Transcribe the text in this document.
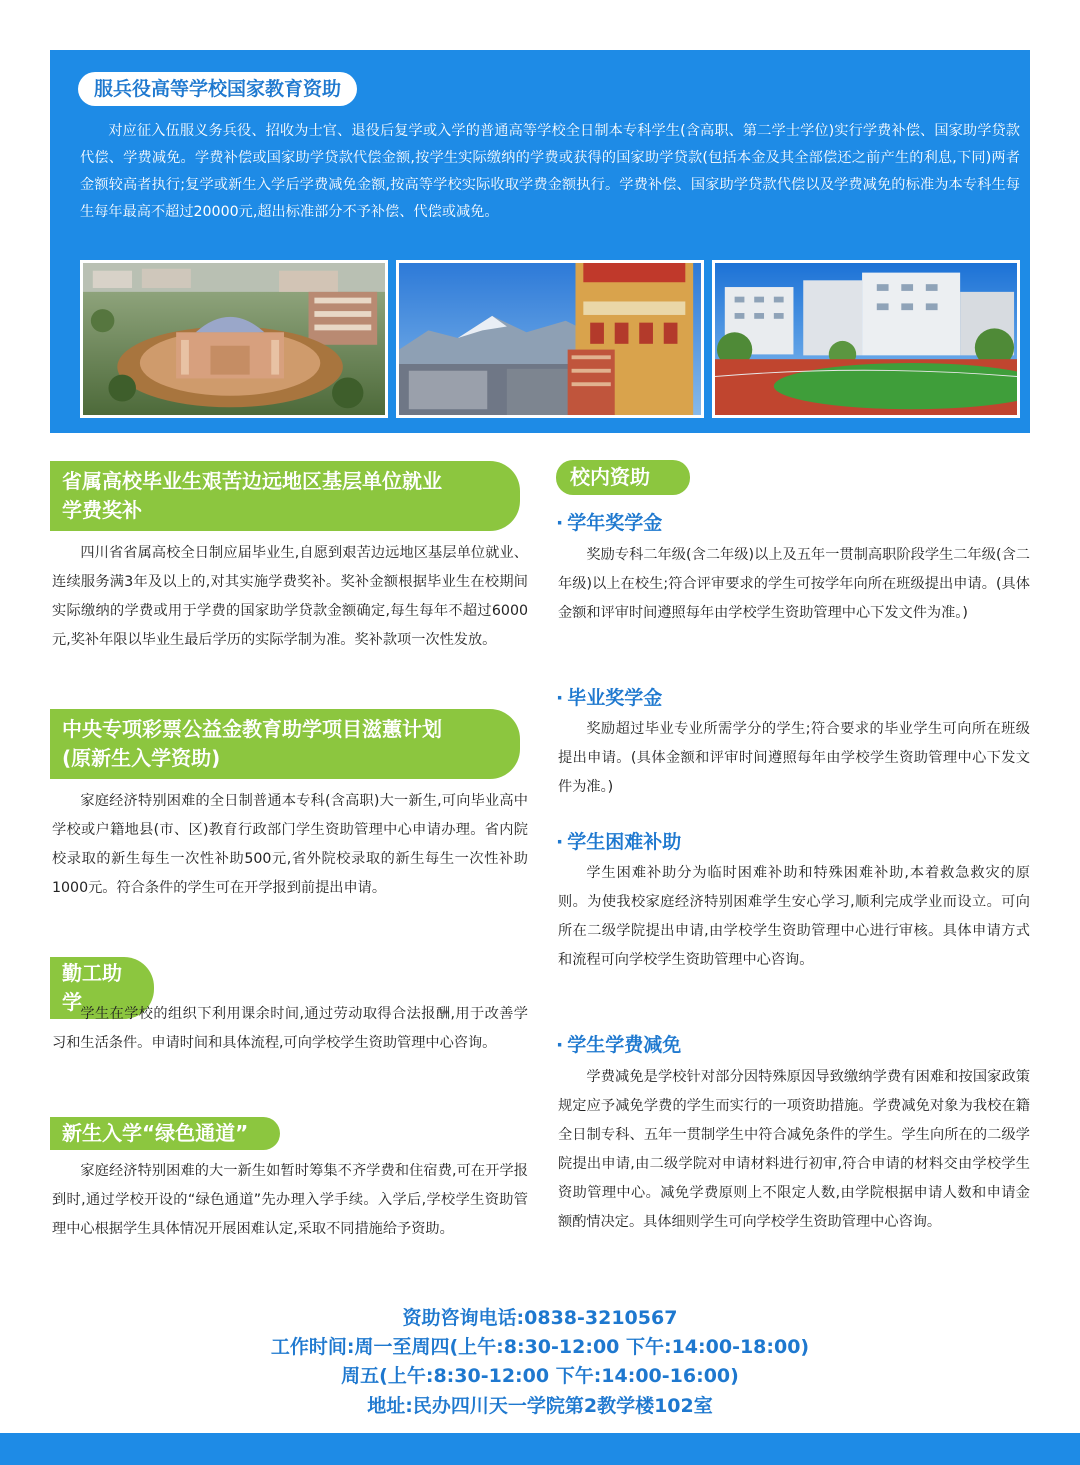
服兵役高等学校国家教育资助

对应征入伍服义务兵役、招收为士官、退役后复学或入学的普通高等学校全日制本专科学生(含高职、第二学士学位)实行学费补偿、国家助学贷款代偿、学费减免。学费补偿或国家助学贷款代偿金额,按学生实际缴纳的学费或获得的国家助学贷款(包括本金及其全部偿还之前产生的利息,下同)两者金额较高者执行;复学或新生入学后学费减免金额,按高等学校实际收取学费金额执行。学费补偿、国家助学贷款代偿以及学费减免的标准为本专科生每生每年最高不超过20000元,超出标准部分不予补偿、代偿或减免。

省属高校毕业生艰苦边远地区基层单位就业
学费奖补

四川省省属高校全日制应届毕业生,自愿到艰苦边远地区基层单位就业、连续服务满3年及以上的,对其实施学费奖补。奖补金额根据毕业生在校期间实际缴纳的学费或用于学费的国家助学贷款金额确定,每生每年不超过6000元,奖补年限以毕业生最后学历的实际学制为准。奖补款项一次性发放。

中央专项彩票公益金教育助学项目滋蕙计划
(原新生入学资助)

家庭经济特别困难的全日制普通本专科(含高职)大一新生,可向毕业高中学校或户籍地县(市、区)教育行政部门学生资助管理中心申请办理。省内院校录取的新生每生一次性补助500元,省外院校录取的新生每生一次性补助1000元。符合条件的学生可在开学报到前提出申请。

勤工助学

学生在学校的组织下利用课余时间,通过劳动取得合法报酬,用于改善学习和生活条件。申请时间和具体流程,可向学校学生资助管理中心咨询。

新生入学“绿色通道”

家庭经济特别困难的大一新生如暂时筹集不齐学费和住宿费,可在开学报到时,通过学校开设的“绿色通道”先办理入学手续。入学后,学校学生资助管理中心根据学生具体情况开展困难认定,采取不同措施给予资助。

校内资助
· 学年奖学金

奖励专科二年级(含二年级)以上及五年一贯制高职阶段学生二年级(含二年级)以上在校生;符合评审要求的学生可按学年向所在班级提出申请。(具体金额和评审时间遵照每年由学校学生资助管理中心下发文件为准。)

· 毕业奖学金

奖励超过毕业专业所需学分的学生;符合要求的毕业学生可向所在班级提出申请。(具体金额和评审时间遵照每年由学校学生资助管理中心下发文件为准。)

· 学生困难补助

学生困难补助分为临时困难补助和特殊困难补助,本着救急救灾的原则。为使我校家庭经济特别困难学生安心学习,顺利完成学业而设立。可向所在二级学院提出申请,由学校学生资助管理中心进行审核。具体申请方式和流程可向学校学生资助管理中心咨询。

· 学生学费减免

学费减免是学校针对部分因特殊原因导致缴纳学费有困难和按国家政策规定应予减免学费的学生而实行的一项资助措施。学费减免对象为我校在籍全日制专科、五年一贯制学生中符合减免条件的学生。学生向所在的二级学院提出申请,由二级学院对申请材料进行初审,符合申请的材料交由学校学生资助管理中心。减免学费原则上不限定人数,由学院根据申请人数和申请金额酌情决定。具体细则学生可向学校学生资助管理中心咨询。

资助咨询电话:0838-3210567
工作时间:周一至周四(上午:8:30-12:00 下午:14:00-18:00)
周五(上午:8:30-12:00 下午:14:00-16:00)
地址:民办四川天一学院第2教学楼102室
